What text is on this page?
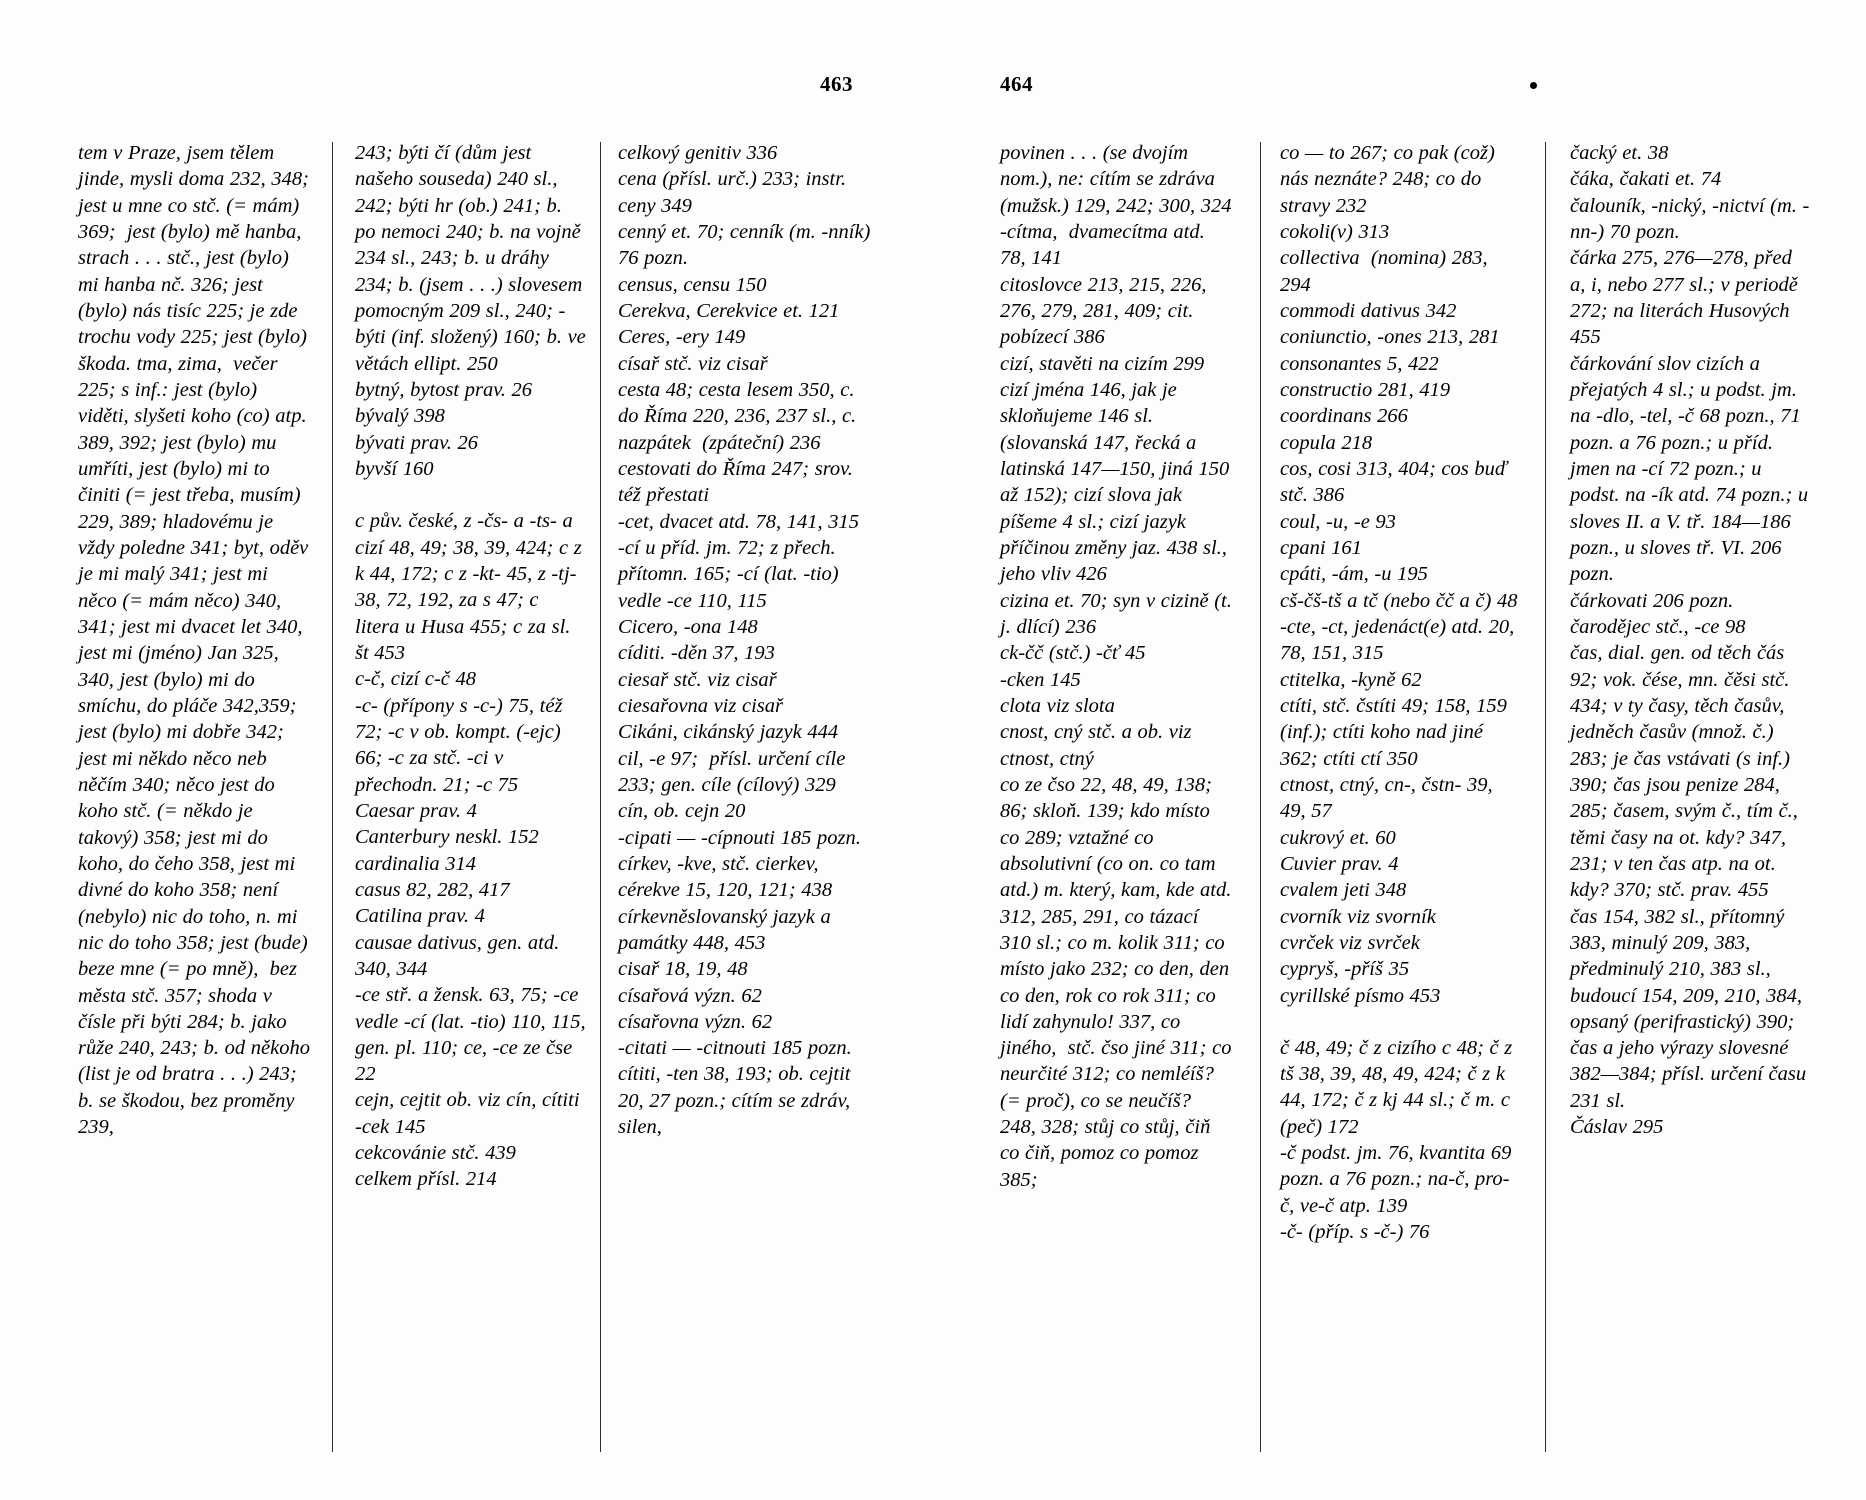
463	464

tem v Praze, jsem tělem jinde, mysli doma 232, 348; jest u mne co stč. (= mám)  369;  jest (bylo) mě hanba, strach . . . stč., jest (bylo) mi hanba nč. 326; jest (bylo) nás tisíc 225; je zde trochu vody 225; jest (bylo) škoda. tma, zima,  večer 225; s inf.: jest (bylo) viděti, slyšeti koho (co) atp. 389, 392; jest (bylo) mu umříti, jest (bylo) mi to činiti (= jest třeba, musím) 229, 389; hladovému je vždy poledne 341; byt, oděv je mi malý 341; jest mi něco (= mám něco) 340, 341; jest mi dvacet let 340, jest mi (jméno) Jan 325, 340, jest (bylo) mi do smíchu, do pláče 342,359; jest (bylo) mi dobře 342; jest mi někdo něco neb něčím 340; něco jest do koho stč. (= někdo je takový) 358; jest mi do koho, do čeho 358, jest mi divné do koho 358; není (nebylo) nic do toho, n. mi nic do toho 358; jest (bude) beze mne (= po mně),  bez města stč. 357; shoda v čísle při býti 284; b. jako růže 240, 243; b. od někoho (list je od bratra . . .) 243; b. se škodou, bez proměny 239,

243; býti čí (dům jest našeho souseda) 240 sl., 242; býti hr (ob.) 241; b. po nemoci 240; b. na vojně 234 sl., 243; b. u dráhy 234; b. (jsem . . .) slovesem pomocným 209 sl., 240; -býti (inf. složený) 160; b. ve větách ellipt. 250

bytný, bytost prav. 26

bývalý 398

bývati prav. 26

byvší 160

c pův. české, z -čs- a -ts- a cizí 48, 49; 38, 39, 424; c z k 44, 172; c z -kt- 45, z -tj- 38, 72, 192, za s 47; c litera u Husa 455; c za sl. št 453

c-č, cizí c-č 48

-c- (přípony s -c-) 75, též 72; -c v ob. kompt. (-ejc) 66; -c za stč. -ci v přechodn. 21; -c 75

Caesar prav. 4

Canterbury neskl. 152

cardinalia 314

casus 82, 282, 417

Catilina prav. 4

causae dativus, gen. atd. 340, 344

-ce stř. a žensk. 63, 75; -ce vedle -cí (lat. -tio) 110, 115, gen. pl. 110; ce, -ce ze čse 22

cejn, cejtit ob. viz cín, cítiti

-cek 145

cekcovánie stč. 439

celkem přísl. 214

celkový genitiv 336

cena (přísl. urč.) 233; instr. ceny 349

cenný et. 70; cenník (m. -nník) 76 pozn.

census, censu 150

Cerekva, Cerekvice et. 121

Ceres, -ery 149

císař stč. viz cisař

cesta 48; cesta lesem 350, c. do Říma 220, 236, 237 sl., c. nazpátek  (zpáteční) 236

cestovati do Říma 247; srov. též přestati

-cet, dvacet atd. 78, 141, 315

-cí u příd. jm. 72; z přech. přítomn. 165; -cí (lat. -tio) vedle -ce 110, 115

Cicero, -ona 148

cíditi. -děn 37, 193

ciesař stč. viz cisař

ciesařovna viz cisař

Cikáni, cikánský jazyk 444

cil, -e 97;  přísl. určení cíle 233; gen. cíle (cílový) 329

cín, ob. cejn 20

-cipati — -cípnouti 185 pozn.

církev, -kve, stč. cierkev, cérekve 15, 120, 121; 438

církevněslovanský jazyk a památky 448, 453

cisař 18, 19, 48

císařová význ. 62

císařovna význ. 62

-citati — -citnouti 185 pozn.

cítiti, -ten 38, 193; ob. cejtit 20, 27 pozn.; cítím se zdráv, silen,

povinen . . . (se dvojím nom.), ne: cítím se zdráva (mužsk.) 129, 242; 300, 324

-cítma,  dvamecítma atd. 78, 141

citoslovce 213, 215, 226, 276, 279, 281, 409; cit. pobízecí 386

cizí, stavěti na cizím 299

cizí jména 146, jak je skloňujeme 146 sl. (slovanská 147, řecká a latinská 147—150, jiná 150 až 152); cizí slova jak píšeme 4 sl.; cizí jazyk příčinou změny jaz. 438 sl., jeho vliv 426

cizina et. 70; syn v cizině (t. j. dlící) 236

ck-čč (stč.) -čť 45

-cken 145

clota viz slota

cnost, cný stč. a ob. viz ctnost, ctný

co ze čso 22, 48, 49, 138; 86; skloň. 139; kdo místo co 289; vztažné co absolutivní (co on. co tam atd.) m. který, kam, kde atd. 312, 285, 291, co tázací 310 sl.; co m. kolik 311; co místo jako 232; co den, den co den, rok co rok 311; co lidí zahynulo! 337, co jiného,  stč. čso jiné 311; co neurčité 312; co nemléíš? (= proč), co se neučíš? 248, 328; stůj co stůj, čiň co čiň, pomoz co pomoz 385;

co — to 267; co pak (což) nás neznáte? 248; co do stravy 232

cokoli(v) 313

collectiva  (nomina) 283, 294

commodi dativus 342

coniunctio, -ones 213, 281

consonantes 5, 422

constructio 281, 419

coordinans 266

copula 218

cos, cosi 313, 404; cos buď stč. 386

coul, -u, -e 93

cpani 161

cpáti, -ám, -u 195

cš-čš-tš a tč (nebo čč a č) 48

-cte, -ct, jedenáct(e) atd. 20, 78, 151, 315

ctitelka, -kyně 62

ctíti, stč. čstíti 49; 158, 159 (inf.); ctíti koho nad jiné 362; ctíti ctí 350

ctnost, ctný, cn-, čstn- 39, 49, 57

cukrový et. 60

Cuvier prav. 4

cvalem jeti 348

cvorník viz svorník

cvrček viz svrček

cypryš, -příš 35

cyrillské písmo 453

č 48, 49; č z cizího c 48; č z tš 38, 39, 48, 49, 424; č z k 44, 172; č z kj 44 sl.; č m. c (peč) 172

-č podst. jm. 76, kvantita 69 pozn. a 76 pozn.; na-č, pro-č, ve-č atp. 139

-č- (příp. s -č-) 76

čacký et. 38

čáka, čakati et. 74

čalouník, -nický, -nictví (m. -nn-) 70 pozn.

čárka 275, 276—278, před a, i, nebo 277 sl.; v periodě 272; na literách Husových 455

čárkování slov cizích a přejatých 4 sl.; u podst. jm. na -dlo, -tel, -č 68 pozn., 71 pozn. a 76 pozn.; u příd. jmen na -cí 72 pozn.; u podst. na -ík atd. 74 pozn.; u sloves II. a V. tř. 184—186 pozn., u sloves tř. VI. 206 pozn.

čárkovati 206 pozn.

čarodějec stč., -ce 98

čas, dial. gen. od těch čás 92; vok. čése, mn. čěsi stč. 434; v ty časy, těch časův, jedněch časův (množ. č.) 283; je čas vstávati (s inf.) 390; čas jsou penize 284, 285; časem, svým č., tím č., těmi časy na ot. kdy? 347, 231; v ten čas atp. na ot. kdy? 370; stč. prav. 455

čas 154, 382 sl., přítomný 383, minulý 209, 383, předminulý 210, 383 sl., budoucí 154, 209, 210, 384, opsaný (perifrastický) 390; čas a jeho výrazy slovesné 382—384; přísl. určení času 231 sl.

Čáslav 295
